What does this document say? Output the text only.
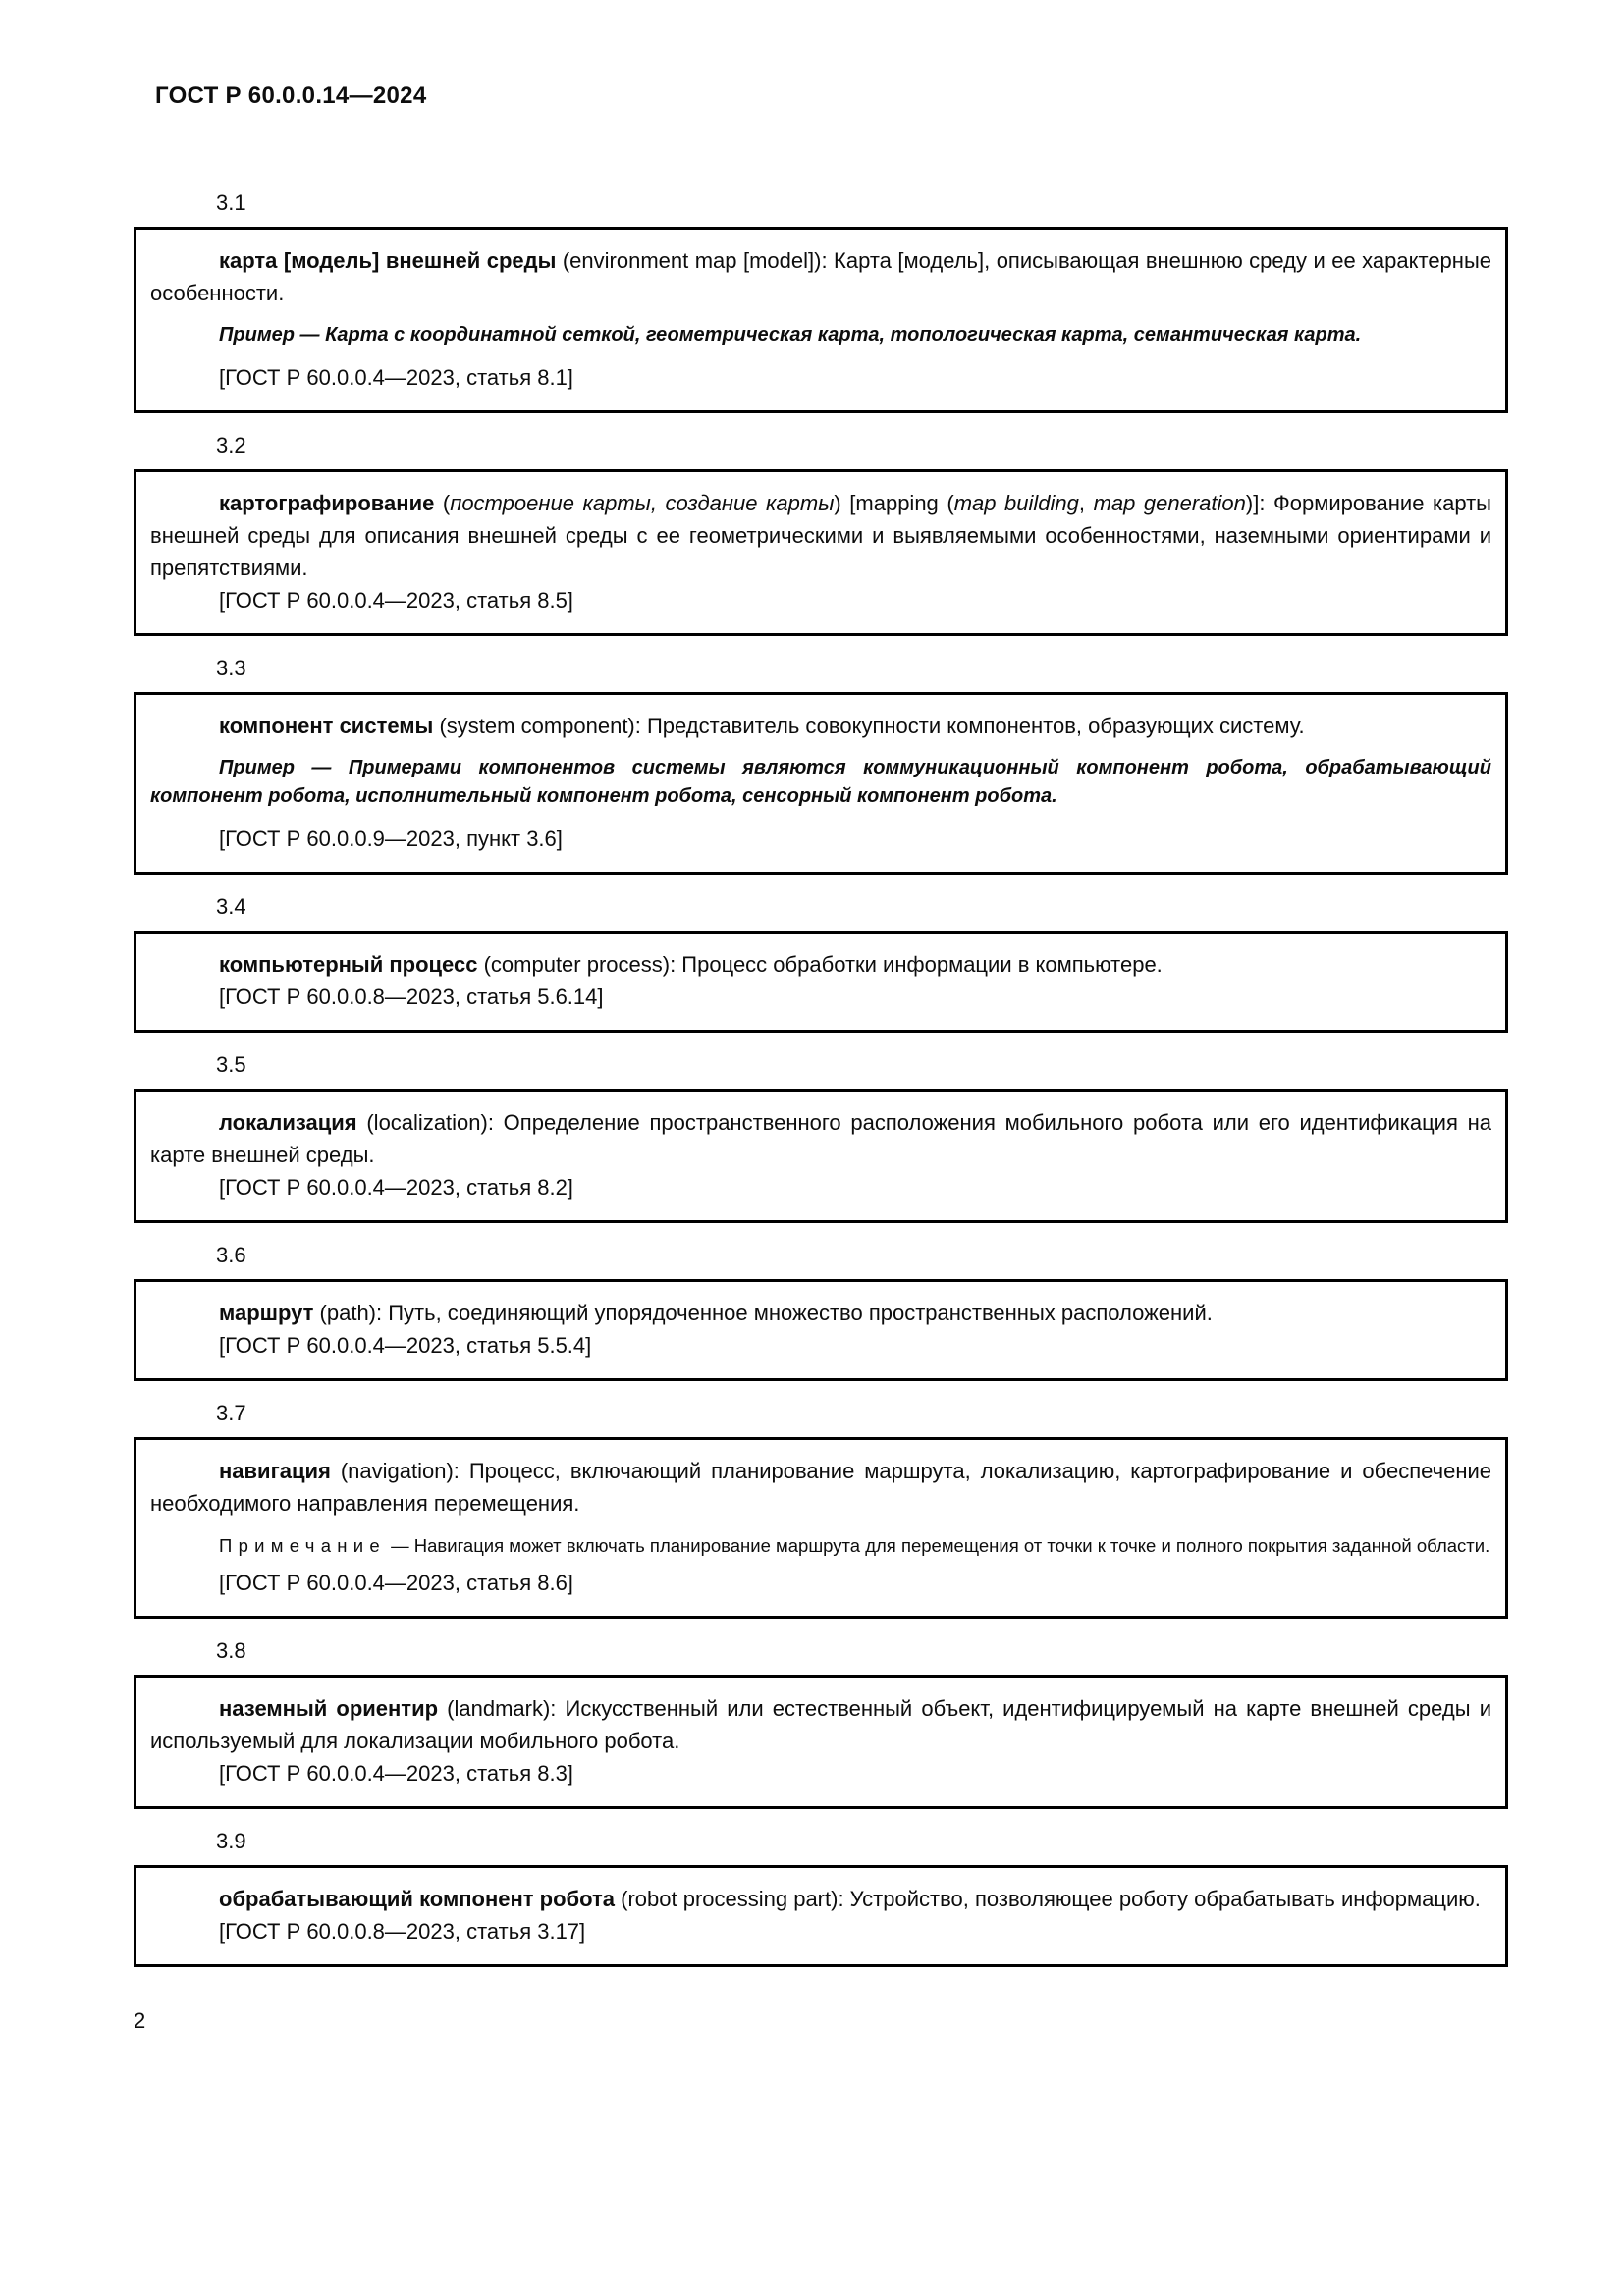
ГОСТ Р 60.0.0.14—2024
3.1

карта [модель] внешней среды (environment map [model]): Карта [модель], описывающая внешнюю среду и ее характерные особенности.

Пример — Карта с координатной сеткой, геометрическая карта, топологическая карта, семантическая карта.

[ГОСТ Р 60.0.0.4—2023, статья 8.1]

3.2

картографирование (построение карты, создание карты) [mapping (map building, map generation)]: Формирование карты внешней среды для описания внешней среды с ее геометрическими и выявляемыми особенностями, наземными ориентирами и препятствиями.

[ГОСТ Р 60.0.0.4—2023, статья 8.5]

3.3

компонент системы (system component): Представитель совокупности компонентов, образующих систему.

Пример — Примерами компонентов системы являются коммуникационный компонент робота, обрабатывающий компонент робота, исполнительный компонент робота, сенсорный компонент робота.

[ГОСТ Р 60.0.0.9—2023, пункт 3.6]

3.4

компьютерный процесс (computer process): Процесс обработки информации в компьютере.

[ГОСТ Р 60.0.0.8—2023, статья 5.6.14]

3.5

локализация (localization): Определение пространственного расположения мобильного робота или его идентификация на карте внешней среды.

[ГОСТ Р 60.0.0.4—2023, статья 8.2]

3.6

маршрут (path): Путь, соединяющий упорядоченное множество пространственных расположений.

[ГОСТ Р 60.0.0.4—2023, статья 5.5.4]

3.7

навигация (navigation): Процесс, включающий планирование маршрута, локализацию, картографирование и обеспечение необходимого направления перемещения.

Примечание — Навигация может включать планирование маршрута для перемещения от точки к точке и полного покрытия заданной области.

[ГОСТ Р 60.0.0.4—2023, статья 8.6]

3.8

наземный ориентир (landmark): Искусственный или естественный объект, идентифицируемый на карте внешней среды и используемый для локализации мобильного робота.

[ГОСТ Р 60.0.0.4—2023, статья 8.3]

3.9

обрабатывающий компонент робота (robot processing part): Устройство, позволяющее роботу обрабатывать информацию.

[ГОСТ Р 60.0.0.8—2023, статья 3.17]

2
